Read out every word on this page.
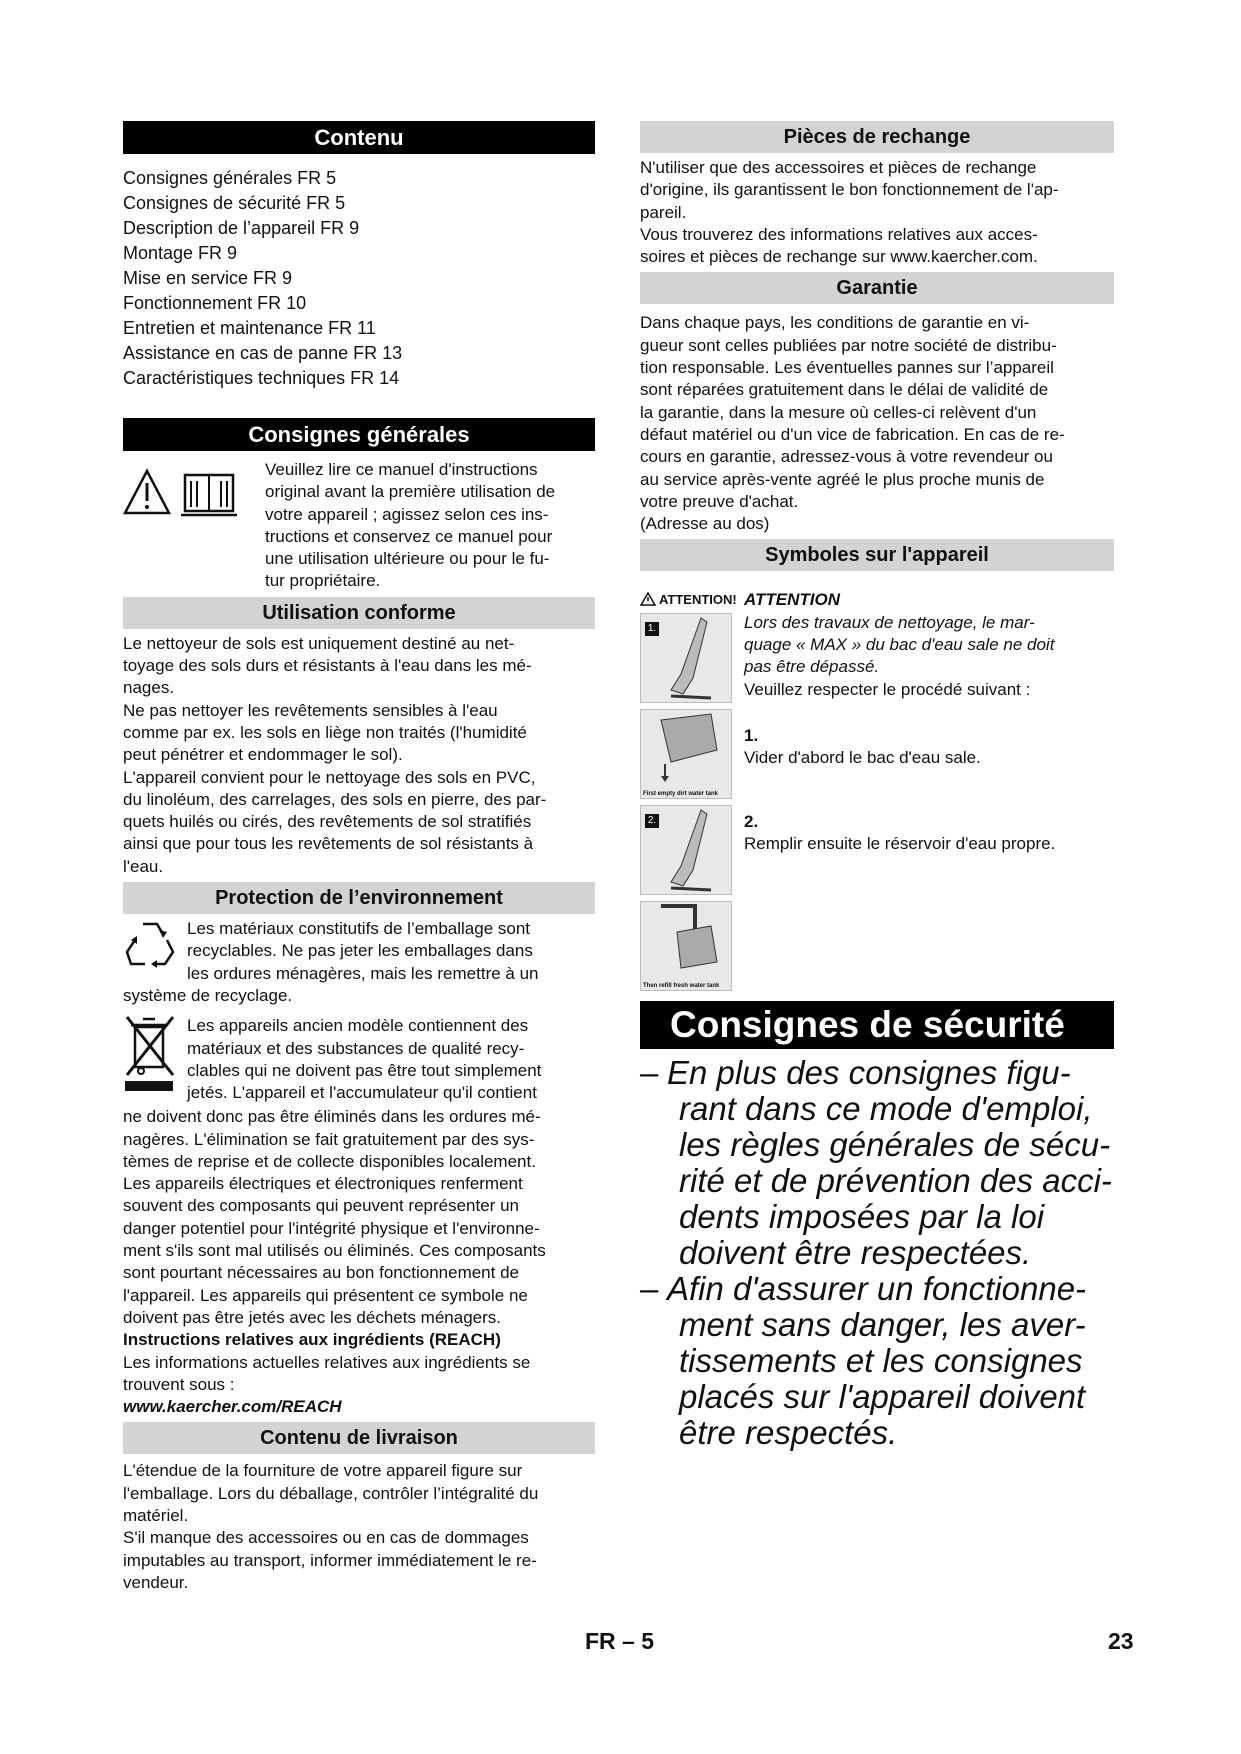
Contenu

Consignes générales FR 5

Consignes de sécurité FR 5

Description de l’appareil FR 9

Montage FR 9

Mise en service FR 9

Fonctionnement FR 10

Entretien et maintenance FR 11

Assistance en cas de panne FR 13

Caractéristiques techniques FR 14

Consignes générales

Veuillez lire ce manuel d'instructions

original avant la première utilisation de

votre appareil ; agissez selon ces ins-

tructions et conservez ce manuel pour

une utilisation ultérieure ou pour le fu-

tur propriétaire.

Utilisation conforme

Le nettoyeur de sols est uniquement destiné au net-

toyage des sols durs et résistants à l'eau dans les mé-

nages.

Ne pas nettoyer les revêtements sensibles à l'eau

comme par ex. les sols en liège non traités (l'humidité

peut pénétrer et endommager le sol).

L'appareil convient pour le nettoyage des sols en PVC,

du linoléum, des carrelages, des sols en pierre, des par-

quets huilés ou cirés, des revêtements de sol stratifiés

ainsi que pour tous les revêtements de sol résistants à

l'eau.

Protection de l’environnement

Les matériaux constitutifs de l’emballage sont

recyclables. Ne pas jeter les emballages dans

les ordures ménagères, mais les remettre à un

système de recyclage.

Les appareils ancien modèle contiennent des

matériaux et des substances de qualité recy-

clables qui ne doivent pas être tout simplement

jetés. L'appareil et l'accumulateur qu'il contient

ne doivent donc pas être éliminés dans les ordures mé-

nagères. L'élimination se fait gratuitement par des sys-

tèmes de reprise et de collecte disponibles localement.

Les appareils électriques et électroniques renferment

souvent des composants qui peuvent représenter un

danger potentiel pour l'intégrité physique et l'environne-

ment s'ils sont mal utilisés ou éliminés. Ces composants

sont pourtant nécessaires au bon fonctionnement de

l'appareil. Les appareils qui présentent ce symbole ne

doivent pas être jetés avec les déchets ménagers.

Instructions relatives aux ingrédients (REACH)

Les informations actuelles relatives aux ingrédients se

trouvent sous :

www.kaercher.com/REACH

Contenu de livraison

L'étendue de la fourniture de votre appareil figure sur

l'emballage. Lors du déballage, contrôler l’intégralité du

matériel.

S'il manque des accessoires ou en cas de dommages

imputables au transport, informer immédiatement le re-

vendeur.

Pièces de rechange

N'utiliser que des accessoires et pièces de rechange

d'origine, ils garantissent le bon fonctionnement de l'ap-

pareil.

Vous trouverez des informations relatives aux acces-

soires et pièces de rechange sur www.kaercher.com.

Garantie

Dans chaque pays, les conditions de garantie en vi-

gueur sont celles publiées par notre société de distribu-

tion responsable. Les éventuelles pannes sur l’appareil

sont réparées gratuitement dans le délai de validité de

la garantie, dans la mesure où celles-ci relèvent d'un

défaut matériel ou d'un vice de fabrication. En cas de re-

cours en garantie, adressez-vous à votre revendeur ou

au service après-vente agréé le plus proche munis de

votre preuve d'achat.

(Adresse au dos)

Symboles sur l'appareil
ATTENTION!
1.
First empty dirt water tank
2.
Then refill fresh water tank

ATTENTION

Lors des travaux de nettoyage, le mar-

quage « MAX » du bac d'eau sale ne doit

pas être dépassé.

Veuillez respecter le procédé suivant :

1.

Vider d'abord le bac d'eau sale.

2.

Remplir ensuite le réservoir d'eau propre.

Consignes de sécurité
– En plus des consignes figu-
rant dans ce mode d'emploi,
les règles générales de sécu-
rité et de prévention des acci-
dents imposées par la loi
doivent être respectées.
– Afin d'assurer un fonctionne-
ment sans danger, les aver-
tissements et les consignes
placés sur l'appareil doivent
être respectés.
FR – 5	23
